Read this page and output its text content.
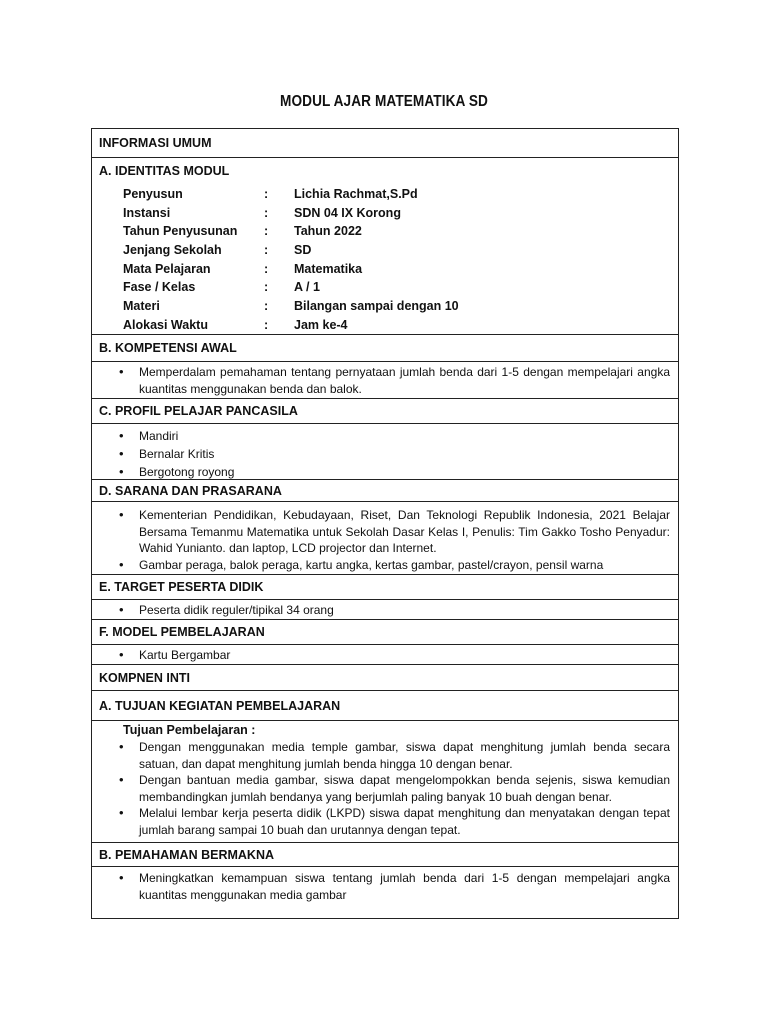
MODUL AJAR MATEMATIKA SD
INFORMASI UMUM
A. IDENTITAS MODUL
Penyusun	: Lichia Rachmat,S.Pd
Instansi	: SDN 04 IX Korong
Tahun Penyusunan : Tahun 2022
Jenjang Sekolah	: SD
Mata Pelajaran	: Matematika
Fase / Kelas	: A / 1
Materi	: Bilangan sampai dengan 10
Alokasi Waktu	: Jam ke-4
B. KOMPETENSI AWAL
• Memperdalam pemahaman tentang pernyataan jumlah benda dari 1-5 dengan mempelajari angka kuantitas menggunakan benda dan balok.
C. PROFIL PELAJAR PANCASILA
• Mandiri
• Bernalar Kritis
• Bergotong royong
D. SARANA DAN PRASARANA
• Kementerian Pendidikan, Kebudayaan, Riset, Dan Teknologi Republik Indonesia, 2021 Belajar Bersama Temanmu Matematika untuk Sekolah Dasar Kelas I, Penulis: Tim Gakko Tosho Penyadur: Wahid Yunianto. dan laptop, LCD projector dan Internet.
• Gambar peraga, balok peraga, kartu angka, kertas gambar, pastel/crayon, pensil warna
E. TARGET PESERTA DIDIK
• Peserta didik reguler/tipikal 34 orang
F. MODEL PEMBELAJARAN
• Kartu Bergambar
KOMPNEN INTI
A. TUJUAN KEGIATAN PEMBELAJARAN
Tujuan Pembelajaran :
• Dengan menggunakan media temple gambar, siswa dapat menghitung jumlah benda secara satuan, dan dapat menghitung jumlah benda hingga 10 dengan benar.
• Dengan bantuan media gambar, siswa dapat mengelompokkan benda sejenis, siswa kemudian membandingkan jumlah bendanya yang berjumlah paling banyak 10 buah dengan benar.
• Melalui lembar kerja peserta didik (LKPD) siswa dapat menghitung dan menyatakan dengan tepat jumlah barang sampai 10 buah dan urutannya dengan tepat.
B. PEMAHAMAN BERMAKNA
• Meningkatkan kemampuan siswa tentang jumlah benda dari 1-5 dengan mempelajari angka kuantitas menggunakan media gambar
